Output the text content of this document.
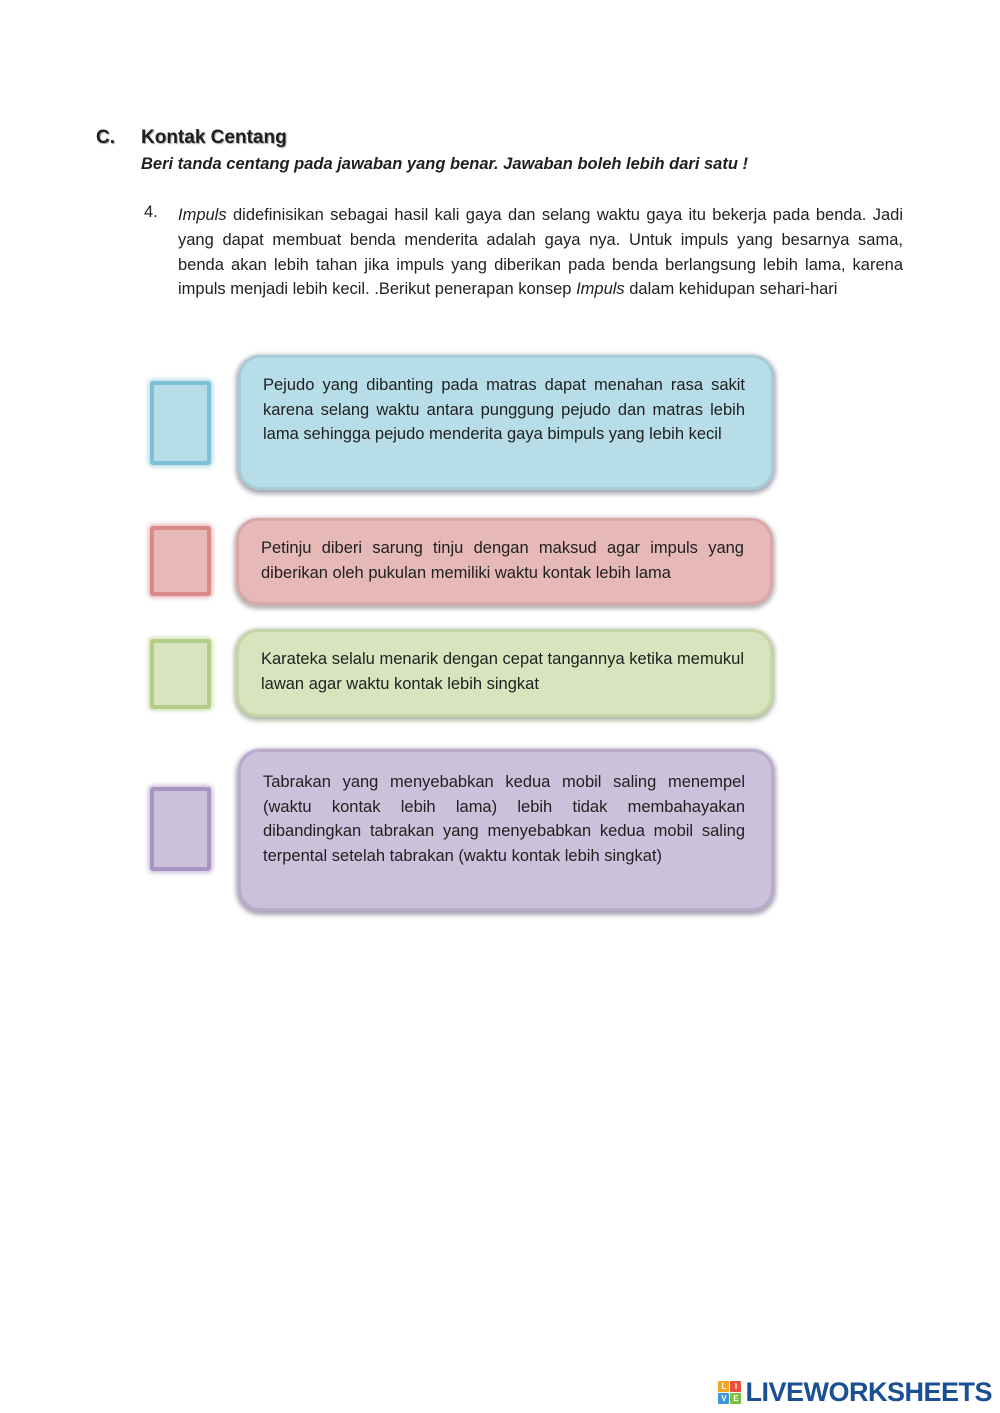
C. Kontak Centang
Beri tanda centang pada jawaban yang benar. Jawaban boleh lebih dari satu !
4. Impuls didefinisikan sebagai hasil kali gaya dan selang waktu gaya itu bekerja pada benda. Jadi yang dapat membuat benda menderita adalah gaya nya. Untuk impuls yang besarnya sama, benda akan lebih tahan jika impuls yang diberikan pada benda berlangsung lebih lama, karena impuls menjadi lebih kecil. .Berikut penerapan konsep Impuls dalam kehidupan sehari-hari

Pejudo yang dibanting pada matras dapat menahan rasa sakit karena selang waktu antara punggung pejudo dan matras lebih lama sehingga pejudo menderita gaya bimpuls yang lebih kecil
Petinju diberi sarung tinju dengan maksud agar impuls yang diberikan oleh pukulan memiliki waktu kontak lebih lama
Karateka selalu menarik dengan cepat tangannya ketika memukul lawan agar waktu kontak lebih singkat
Tabrakan yang menyebabkan kedua mobil saling menempel (waktu kontak lebih lama) lebih tidak membahayakan dibandingkan tabrakan yang menyebabkan kedua mobil saling terpental setelah tabrakan (waktu kontak lebih singkat)
L	I
V E LIVEWORKSHEETS
